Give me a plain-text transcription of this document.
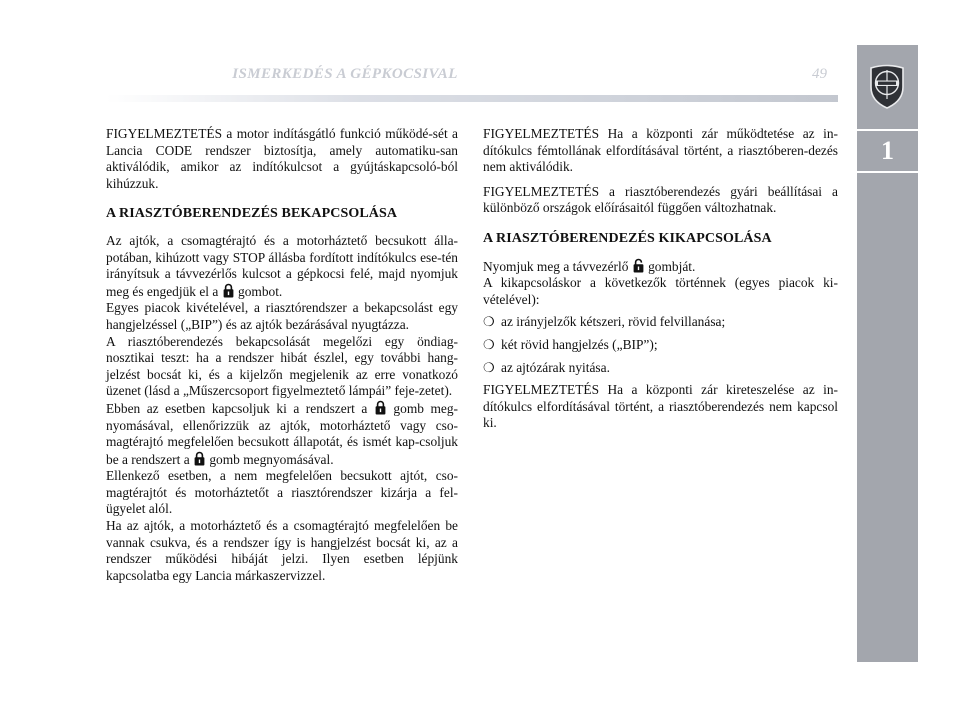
ISMERKEDÉS A GÉPKOCSIVAL	49
1

FIGYELMEZTETÉS a motor indításgátló funkció működé-sét a Lancia CODE rendszer biztosítja, amely automatiku-san aktiválódik, amikor az indítókulcsot a gyújtáskapcsoló-ból kihúzzuk.

A RIASZTÓBERENDEZÉS BEKAPCSOLÁSA

Az ajtók, a csomagtérajtó és a motorháztető becsukott álla-potában, kihúzott vagy STOP állásba fordított indítókulcs ese-tén irányítsuk a távvezérlős kulcsot a gépkocsi felé, majd nyomjuk meg és engedjük el a gombot.

Egyes piacok kivételével, a riasztórendszer a bekapcsolást egy hangjelzéssel („BIP”) és az ajtók bezárásával nyugtázza.

A riasztóberendezés bekapcsolását megelőzi egy öndiag-nosztikai teszt: ha a rendszer hibát észlel, egy további hang-jelzést bocsát ki, és a kijelzőn megjelenik az erre vonatkozó üzenet (lásd a „Műszercsoport figyelmeztető lámpái” feje-zetet).

Ebben az esetben kapcsoljuk ki a rendszert a gomb meg-nyomásával, ellenőrizzük az ajtók, motorháztető vagy cso-magtérajtó megfelelően becsukott állapotát, és ismét kap-csoljuk be a rendszert a gomb megnyomásával.

Ellenkező esetben, a nem megfelelően becsukott ajtót, cso-magtérajtót és motorháztetőt a riasztórendszer kizárja a fel-ügyelet alól.

Ha az ajtók, a motorháztető és a csomagtérajtó megfelelően be vannak csukva, és a rendszer így is hangjelzést bocsát ki, az a rendszer működési hibáját jelzi. Ilyen esetben lépjünk kapcsolatba egy Lancia márkaszervizzel.

FIGYELMEZTETÉS Ha a központi zár működtetése az in-dítókulcs fémtollának elfordításával történt, a riasztóberen-dezés nem aktiválódik.

FIGYELMEZTETÉS a riasztóberendezés gyári beállításai a különböző országok előírásaitól függően változhatnak.

A RIASZTÓBERENDEZÉS KIKAPCSOLÁSA

Nyomjuk meg a távvezérlő gombját.

A kikapcsoláskor a következők történnek (egyes piacok ki-vételével):

❍ az irányjelzők kétszeri, rövid felvillanása;
❍ két rövid hangjelzés („BIP”);
❍ az ajtózárak nyitása.

FIGYELMEZTETÉS Ha a központi zár kireteszelése az in-dítókulcs elfordításával történt, a riasztóberendezés nem kapcsol ki.
